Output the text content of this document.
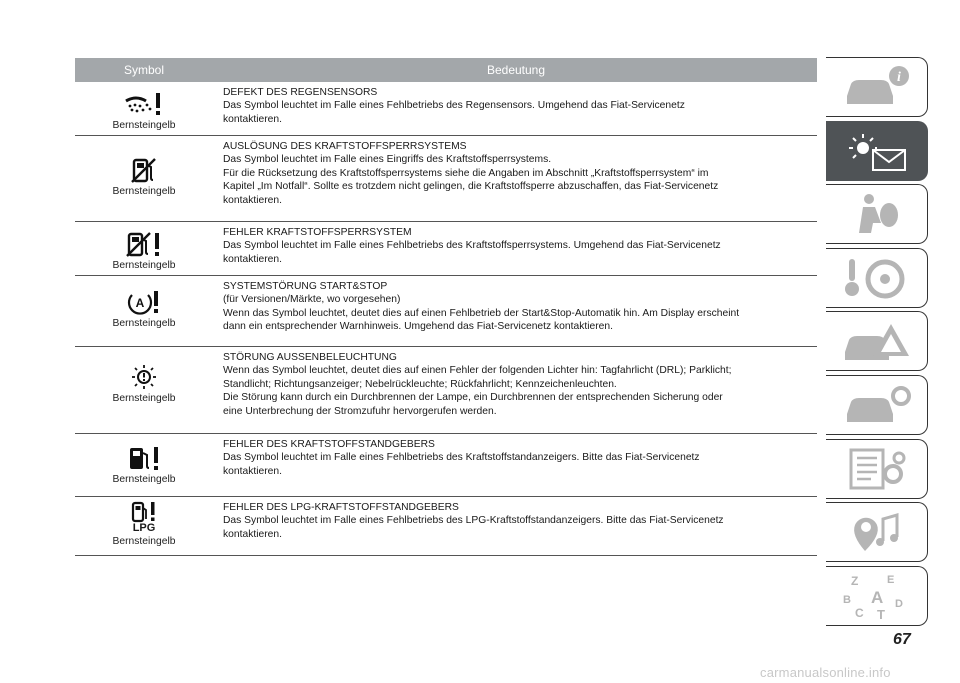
Symbol	Bedeutung
Bernsteingelb
DEFEKT DES REGENSENSORS
Das Symbol leuchtet im Falle eines Fehlbetriebs des Regensensors. Umgehend das Fiat-Servicenetz
kontaktieren.
Bernsteingelb
AUSLÖSUNG DES KRAFTSTOFFSPERRSYSTEMS
Das Symbol leuchtet im Falle eines Eingriffs des Kraftstoffsperrsystems.
Für die Rücksetzung des Kraftstoffsperrsystems siehe die Angaben im Abschnitt „Kraftstoffsperrsystem“ im
Kapitel „Im Notfall“. Sollte es trotzdem nicht gelingen, die Kraftstoffsperre abzuschaffen, das Fiat-Servicenetz
kontaktieren.
Bernsteingelb
FEHLER KRAFTSTOFFSPERRSYSTEM
Das Symbol leuchtet im Falle eines Fehlbetriebs des Kraftstoffsperrsystems. Umgehend das Fiat-Servicenetz
kontaktieren.
A
Bernsteingelb
SYSTEMSTÖRUNG START&STOP
(für Versionen/Märkte, wo vorgesehen)
Wenn das Symbol leuchtet, deutet dies auf einen Fehlbetrieb der Start&Stop-Automatik hin. Am Display erscheint
dann ein entsprechender Warnhinweis. Umgehend das Fiat-Servicenetz kontaktieren.
Bernsteingelb
STÖRUNG AUSSENBELEUCHTUNG
Wenn das Symbol leuchtet, deutet dies auf einen Fehler der folgenden Lichter hin: Tagfahrlicht (DRL); Parklicht;
Standlicht; Richtungsanzeiger; Nebelrückleuchte; Rückfahrlicht; Kennzeichenleuchten.
Die Störung kann durch ein Durchbrennen der Lampe, ein Durchbrennen der entsprechenden Sicherung oder
eine Unterbrechung der Stromzufuhr hervorgerufen werden.
Bernsteingelb
FEHLER DES KRAFTSTOFFSTANDGEBERS
Das Symbol leuchtet im Falle eines Fehlbetriebs des Kraftstoffstandanzeigers. Bitte das Fiat-Servicenetz
kontaktieren.
LPG
Bernsteingelb
FEHLER DES LPG-KRAFTSTOFFSTANDGEBERS
Das Symbol leuchtet im Falle eines Fehlbetriebs des LPG-Kraftstoffstandanzeigers. Bitte das Fiat-Servicenetz
kontaktieren.
i
Z	E
A
B
C T
D
67
carmanualsonline.info
